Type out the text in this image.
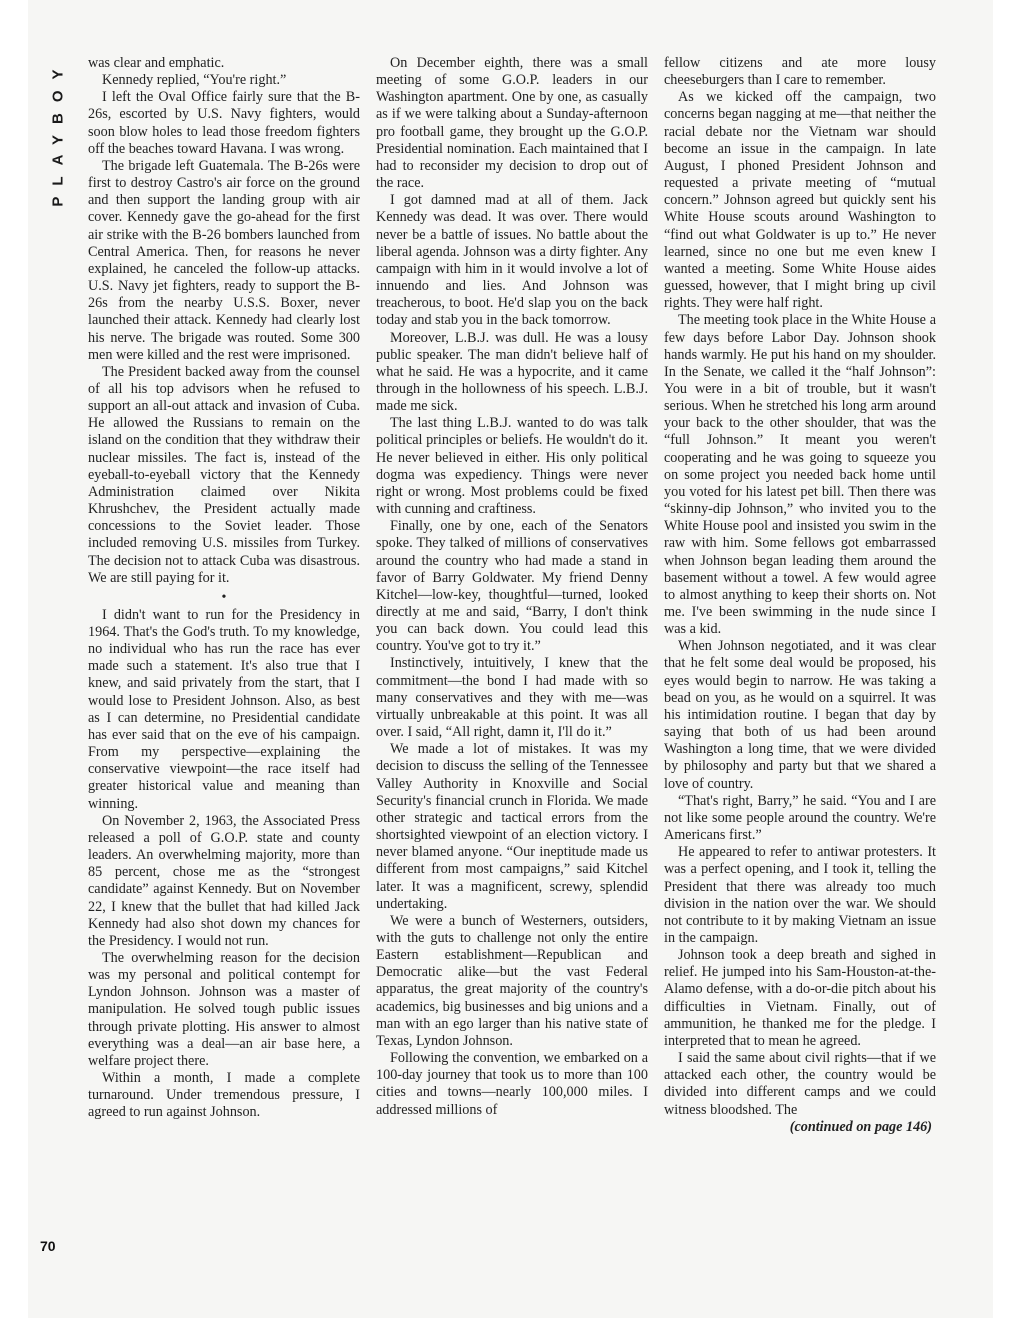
PLAYBOY was clear and emphatic.

Kennedy replied, “You're right.”

I left the Oval Office fairly sure that the B-26s, escorted by U.S. Navy fighters, would soon blow holes to lead those freedom fighters off the beaches toward Havana. I was wrong.

The brigade left Guatemala. The B-26s were first to destroy Castro's air force on the ground and then support the landing group with air cover. Kennedy gave the go-ahead for the first air strike with the B-26 bombers launched from Central America. Then, for reasons he never explained, he canceled the follow-up attacks. U.S. Navy jet fighters, ready to support the B-26s from the nearby U.S.S. Boxer, never launched their attack. Kennedy had clearly lost his nerve. The brigade was routed. Some 300 men were killed and the rest were imprisoned.

The President backed away from the counsel of all his top advisors when he refused to support an all-out attack and invasion of Cuba. He allowed the Russians to remain on the island on the condition that they withdraw their nuclear missiles. The fact is, instead of the eyeball-to-eyeball victory that the Kennedy Administration claimed over Nikita Khrushchev, the President actually made concessions to the Soviet leader. Those included removing U.S. missiles from Turkey. The decision not to attack Cuba was disastrous. We are still paying for it.

•

I didn't want to run for the Presidency in 1964. That's the God's truth. To my knowledge, no individual who has run the race has ever made such a statement. It's also true that I knew, and said privately from the start, that I would lose to President Johnson. Also, as best as I can determine, no Presidential candidate has ever said that on the eve of his campaign. From my perspective—explaining the conservative viewpoint—the race itself had greater historical value and meaning than winning.

On November 2, 1963, the Associated Press released a poll of G.O.P. state and county leaders. An overwhelming majority, more than 85 percent, chose me as the “strongest candidate” against Kennedy. But on November 22, I knew that the bullet that had killed Jack Kennedy had also shot down my chances for the Presidency. I would not run.

The overwhelming reason for the decision was my personal and political contempt for Lyndon Johnson. Johnson was a master of manipulation. He solved tough public issues through private plotting. His answer to almost everything was a deal—an air base here, a welfare project there.

Within a month, I made a complete turnaround. Under tremendous pressure, I agreed to run against Johnson.

On December eighth, there was a small meeting of some G.O.P. leaders in our Washington apartment. One by one, as casually as if we were talking about a Sunday-afternoon pro football game, they brought up the G.O.P. Presidential nomination. Each maintained that I had to reconsider my decision to drop out of the race.

I got damned mad at all of them. Jack Kennedy was dead. It was over. There would never be a battle of issues. No battle about the liberal agenda. Johnson was a dirty fighter. Any campaign with him in it would involve a lot of innuendo and lies. And Johnson was treacherous, to boot. He'd slap you on the back today and stab you in the back tomorrow.

Moreover, L.B.J. was dull. He was a lousy public speaker. The man didn't believe half of what he said. He was a hypocrite, and it came through in the hollowness of his speech. L.B.J. made me sick.

The last thing L.B.J. wanted to do was talk political principles or beliefs. He wouldn't do it. He never believed in either. His only political dogma was expediency. Things were never right or wrong. Most problems could be fixed with cunning and craftiness.

Finally, one by one, each of the Senators spoke. They talked of millions of conservatives around the country who had made a stand in favor of Barry Goldwater. My friend Denny Kitchel—low-key, thoughtful—turned, looked directly at me and said, “Barry, I don't think you can back down. You could lead this country. You've got to try it.”

Instinctively, intuitively, I knew that the commitment—the bond I had made with so many conservatives and they with me—was virtually unbreakable at this point. It was all over. I said, “All right, damn it, I'll do it.”

We made a lot of mistakes. It was my decision to discuss the selling of the Tennessee Valley Authority in Knoxville and Social Security's financial crunch in Florida. We made other strategic and tactical errors from the shortsighted viewpoint of an election victory. I never blamed anyone. “Our ineptitude made us different from most campaigns,” said Kitchel later. It was a magnificent, screwy, splendid undertaking.

We were a bunch of Westerners, outsiders, with the guts to challenge not only the entire Eastern establishment—Republican and Democratic alike—but the vast Federal apparatus, the great majority of the country's academics, big businesses and big unions and a man with an ego larger than his native state of Texas, Lyndon Johnson.

Following the convention, we embarked on a 100-day journey that took us to more than 100 cities and towns—nearly 100,000 miles. I addressed millions of

fellow citizens and ate more lousy cheeseburgers than I care to remember.

As we kicked off the campaign, two concerns began nagging at me—that neither the racial debate nor the Vietnam war should become an issue in the campaign. In late August, I phoned President Johnson and requested a private meeting of “mutual concern.” Johnson agreed but quickly sent his White House scouts around Washington to “find out what Goldwater is up to.” He never learned, since no one but me even knew I wanted a meeting. Some White House aides guessed, however, that I might bring up civil rights. They were half right.

The meeting took place in the White House a few days before Labor Day. Johnson shook hands warmly. He put his hand on my shoulder. In the Senate, we called it the “half Johnson”: You were in a bit of trouble, but it wasn't serious. When he stretched his long arm around your back to the other shoulder, that was the “full Johnson.” It meant you weren't cooperating and he was going to squeeze you on some project you needed back home until you voted for his latest pet bill. Then there was “skinny-dip Johnson,” who invited you to the White House pool and insisted you swim in the raw with him. Some fellows got embarrassed when Johnson began leading them around the basement without a towel. A few would agree to almost anything to keep their shorts on. Not me. I've been swimming in the nude since I was a kid.

When Johnson negotiated, and it was clear that he felt some deal would be proposed, his eyes would begin to narrow. He was taking a bead on you, as he would on a squirrel. It was his intimidation routine. I began that day by saying that both of us had been around Washington a long time, that we were divided by philosophy and party but that we shared a love of country.

“That's right, Barry,” he said. “You and I are not like some people around the country. We're Americans first.”

He appeared to refer to antiwar protesters. It was a perfect opening, and I took it, telling the President that there was already too much division in the nation over the war. We should not contribute to it by making Vietnam an issue in the campaign.

Johnson took a deep breath and sighed in relief. He jumped into his Sam-Houston-at-the-Alamo defense, with a do-or-die pitch about his difficulties in Vietnam. Finally, out of ammunition, he thanked me for the pledge. I interpreted that to mean he agreed.

I said the same about civil rights—that if we attacked each other, the country would be divided into different camps and we could witness bloodshed. The

(continued on page 146)

70
